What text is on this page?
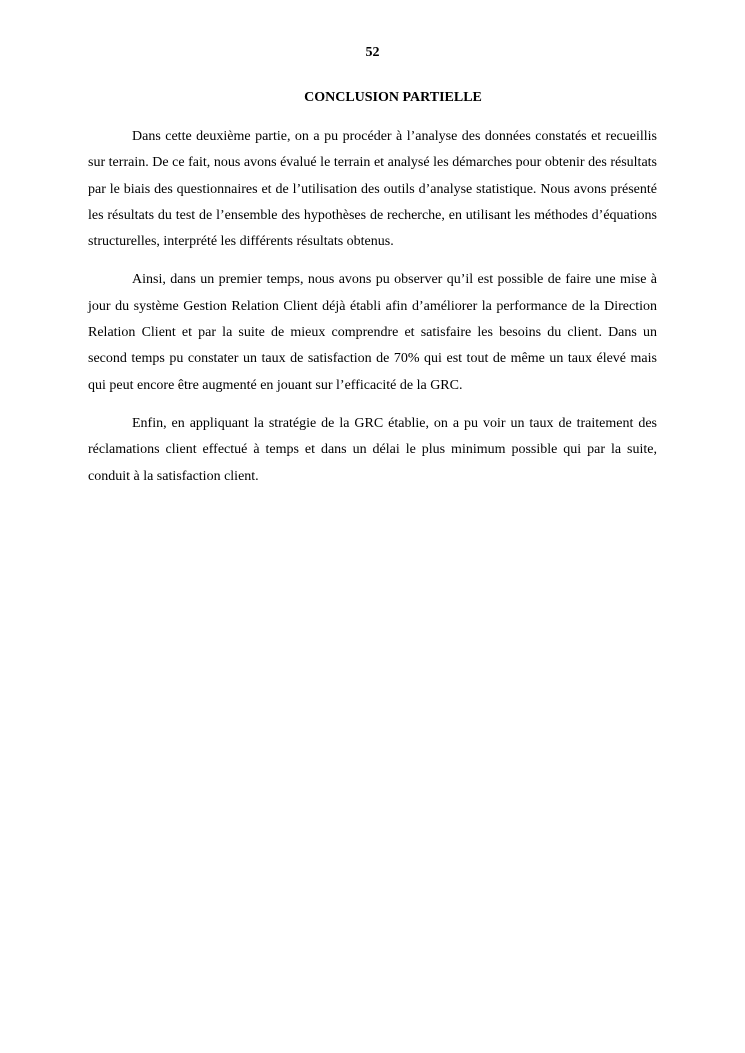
52
CONCLUSION PARTIELLE

Dans cette deuxième partie, on a pu procéder à l’analyse des données constatés et recueillis sur terrain. De ce fait, nous avons évalué le terrain et analysé les démarches pour obtenir des résultats par le biais des questionnaires et de l’utilisation des outils d’analyse statistique. Nous avons présenté les résultats du test de l’ensemble des hypothèses de recherche, en utilisant les méthodes d’équations structurelles, interprété les différents résultats obtenus.

Ainsi, dans un premier temps, nous avons pu observer qu’il est possible de faire une mise à jour du système Gestion Relation Client déjà établi afin d’améliorer la performance de la Direction Relation Client et par la suite de mieux comprendre et satisfaire les besoins du client. Dans un second temps pu constater un taux de satisfaction de 70% qui est tout de même un taux élevé mais qui peut encore être augmenté en jouant sur l’efficacité de la GRC.

Enfin, en appliquant la stratégie de la GRC établie, on a pu voir un taux de traitement des réclamations client effectué à temps et dans un délai le plus minimum possible qui par la suite, conduit à la satisfaction client.
